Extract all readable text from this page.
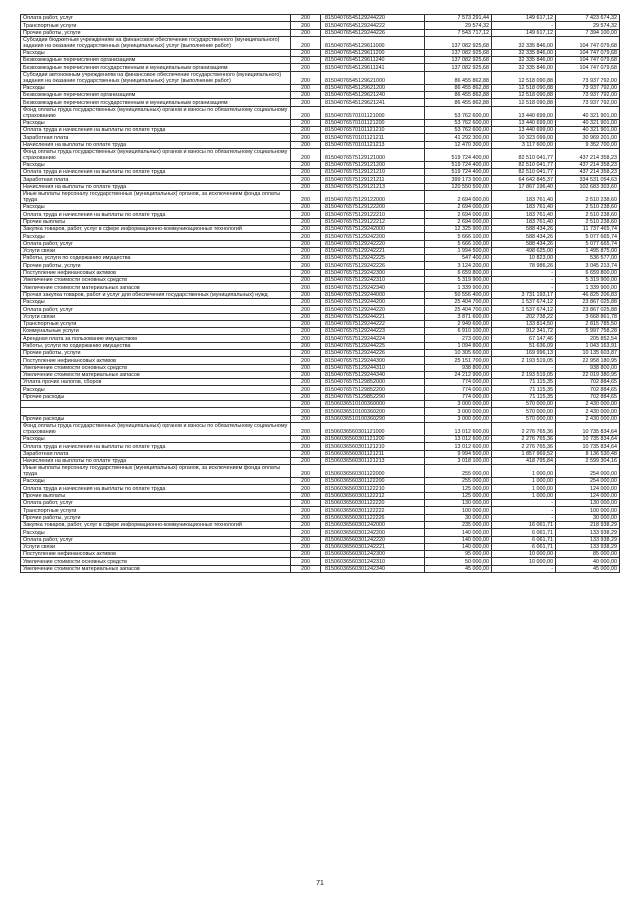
Оплата работ, услуг	200	81504076545129244220	7 573 291,44	149 617,12	7 423 674,32
Транспортные услуги	200	81504076545129244222	29 574,32	-	29 574,32
Прочие работы, услуги	200	81504076545129244226	7 543 717,12	149 617,12	7 394 100,00
Субсидии бюджетным учреждениям на финансовое обеспечение государственного (муниципального) задания на оказание государственных (муниципальных) услуг (выполнение работ)	200	81504076545129611000	137 082 925,68	32 335 846,00	104 747 079,68
Расходы	200	81504076545129611200	137 082 925,68	32 335 846,00	104 747 079,68
Безвозмездные перечисления организациям	200	81504076545129611240	137 082 925,68	32 335 846,00	104 747 079,68
Безвозмездные перечисления государственным и муниципальным организациям	200	81504076545129611241	137 082 925,68	32 335 846,00	104 747 079,68
Субсидии автономным учреждениям на финансовое обеспечение государственного (муниципального) задания на оказание государственных (муниципальных) услуг (выполнение работ)	200	81504076545129621000	86 455 862,88	12 518 090,88	73 937 792,00
Расходы	200	81504076545129621200	86 455 862,88	12 518 090,88	73 937 792,00
Безвозмездные перечисления организациям	200	81504076545129621240	86 455 862,88	12 518 090,88	73 937 792,00
Безвозмездные перечисления государственным и муниципальным организациям	200	81504076545129621241	86 455 862,88	12 518 090,88	73 937 792,00
Фонд оплаты труда государственных (муниципальных) органов и взносы по обязательному социальному страхованию	200	81504076570101121000	53 762 600,00	13 440 699,00	40 321 901,00
Расходы	200	81504076570101121200	53 762 600,00	13 440 699,00	40 321 901,00
Оплата труда и начисления на выплаты по оплате труда	200	81504076570101121210	53 762 600,00	13 440 699,00	40 321 901,00
Заработная плата	200	81504076570101121211	41 292 300,00	10 323 099,00	30 969 201,00
Начисления на выплаты по оплате труда	200	81504076570101121213	12 470 300,00	3 117 600,00	9 352 700,00
Фонд оплаты труда государственных (муниципальных) органов и взносы по обязательному социальному страхованию	200	81504076575129121000	519 724 400,00	82 510 041,77	437 214 358,23
Расходы	200	81504076575129121200	519 724 400,00	82 510 041,77	437 214 358,23
Оплата труда и начисления на выплаты по оплате труда	200	81504076575129121210	519 724 400,00	82 510 041,77	437 214 358,23
Заработная плата	200	81504076575129121211	399 173 900,00	64 642 845,37	334 531 054,63
Начисления на выплаты по оплате труда	200	81504076575129121213	120 550 500,00	17 867 196,40	102 683 303,60
Иные выплаты персоналу государственных (муниципальных) органов, за исключением фонда оплаты труда	200	81504076575129122000	2 694 000,00	183 761,40	2 510 238,60
Расходы	200	81504076575129122200	2 694 000,00	183 761,40	2 510 238,60
Оплата труда и начисления на выплаты по оплате труда	200	81504076575129122210	2 694 000,00	183 761,40	2 510 238,60
Прочие выплаты	200	81504076575129122212	2 694 000,00	183 761,40	2 510 238,60
Закупка товаров, работ, услуг в сфере информационно-коммуникационных технологий	200	81504076575129242000	12 325 900,00	588 434,26	11 737 465,74
Расходы	200	81504076575129242200	5 666 100,00	588 434,26	5 077 665,74
Оплата работ, услуг	200	81504076575129242220	5 666 100,00	588 434,26	5 077 665,74
Услуги связи	200	81504076575129242221	1 994 500,00	498 625,00	1 495 875,00
Работы, услуги по содержанию имущества	200	81504076575129242225	547 400,00	10 823,00	536 577,00
Прочие работы, услуги	200	81504076575129242226	3 124 200,00	78 986,26	3 045 213,74
Поступление нефинансовых активов	200	81504076575129242300	6 659 800,00	-	6 659 800,00
Увеличение стоимости основных средств	200	81504076575129242310	5 319 900,00	-	5 319 900,00
Увеличение стоимости материальных запасов	200	81504076575129242340	1 339 900,00	-	1 339 900,00
Прочая закупка товаров, работ и услуг для обеспечения государственных (муниципальных) нужд	200	81504076575129244000	50 556 400,00	3 731 193,17	46 825 206,83
Расходы	200	81504076575129244200	25 404 700,00	1 537 674,12	23 867 025,88
Оплата работ, услуг	200	81504076575129244220	25 404 700,00	1 537 674,12	23 867 025,88
Услуги связи	200	81504076575129244221	3 871 600,00	202 738,22	3 668 861,78
Транспортные услуги	200	81504076575129244222	2 949 600,00	133 814,50	2 815 785,50
Коммунальные услуги	200	81504076575129244223	6 910 100,00	912 341,72	5 997 758,28
Арендная плата за пользование имуществом	200	81504076575129244224	273 000,00	67 147,46	205 852,54
Работы, услуги по содержанию имущества	200	81504076575129244225	1 094 800,00	51 636,09	1 043 163,91
Прочие работы, услуги	200	81504076575129244226	10 305 600,00	169 996,13	10 135 603,87
Поступление нефинансовых активов	200	81504076575129244300	25 151 700,00	2 193 519,05	22 958 180,95
Увеличение стоимости основных средств	200	81504076575129244310	938 800,00	-	938 800,00
Увеличение стоимости материальных запасов	200	81504076575129244340	24 212 900,00	2 193 519,05	22 019 380,95
Уплата прочих налогов, сборов	200	81504076575129852000	774 000,00	71 115,35	702 884,65
Расходы	200	81504076575129852200	774 000,00	71 115,35	702 884,65
Прочие расходы	200	81504076575129852290	774 000,00	71 115,35	702 884,65
	200	81506036510100360000	3 000 000,00	570 000,00	2 430 000,00
	200	81506036510100360200	3 000 000,00	570 000,00	2 430 000,00
Прочие расходы	200	81506036510100360290	3 000 000,00	570 000,00	2 430 000,00
Фонд оплаты труда государственных (муниципальных) органов и взносы по обязательному социальному страхованию	200	81506036560301121000	13 012 600,00	2 276 765,36	10 735 834,64
Расходы	200	81506036560301121200	13 012 600,00	2 276 765,36	10 735 834,64
Оплата труда и начисления на выплаты по оплате труда	200	81506036560301121210	13 012 600,00	2 276 765,36	10 735 834,64
Заработная плата	200	81506036560301121211	9 994 500,00	1 857 969,52	8 136 530,48
Начисления на выплаты по оплате труда	200	81506036560301121213	3 018 100,00	418 795,84	2 599 304,16
Иные выплаты персоналу государственных (муниципальных) органов, за исключением фонда оплаты труда	200	81506036560301122000	255 000,00	1 000,00	254 000,00
Расходы	200	81506036560301122200	255 000,00	1 000,00	254 000,00
Оплата труда и начисления на выплаты по оплате труда	200	81506036560301122210	125 000,00	1 000,00	124 000,00
Прочие выплаты	200	81506036560301122212	125 000,00	1 000,00	124 000,00
Оплата работ, услуг	200	81506036560301122220	130 000,00	-	130 000,00
Транспортные услуги	200	81506036560301122222	100 000,00	-	100 000,00
Прочие работы, услуги	200	81506036560301122226	30 000,00	-	30 000,00
Закупка товаров, работ, услуг в сфере информационно-коммуникационных технологий	200	81506036560301242000	235 000,00	16 061,71	218 938,29
Расходы	200	81506036560301242200	140 000,00	6 061,71	133 938,29
Оплата работ, услуг	200	81506036560301242220	140 000,00	6 061,71	133 938,29
Услуги связи	200	81506036560301242221	140 000,00	6 061,71	133 938,29
Поступление нефинансовых активов	200	81506036560301242300	95 000,00	10 000,00	85 000,00
Увеличение стоимости основных средств	200	81506036560301242310	50 000,00	10 000,00	40 000,00
Увеличение стоимости материальных запасов	200	81506036560301242340	45 000,00	-	45 000,00
71
